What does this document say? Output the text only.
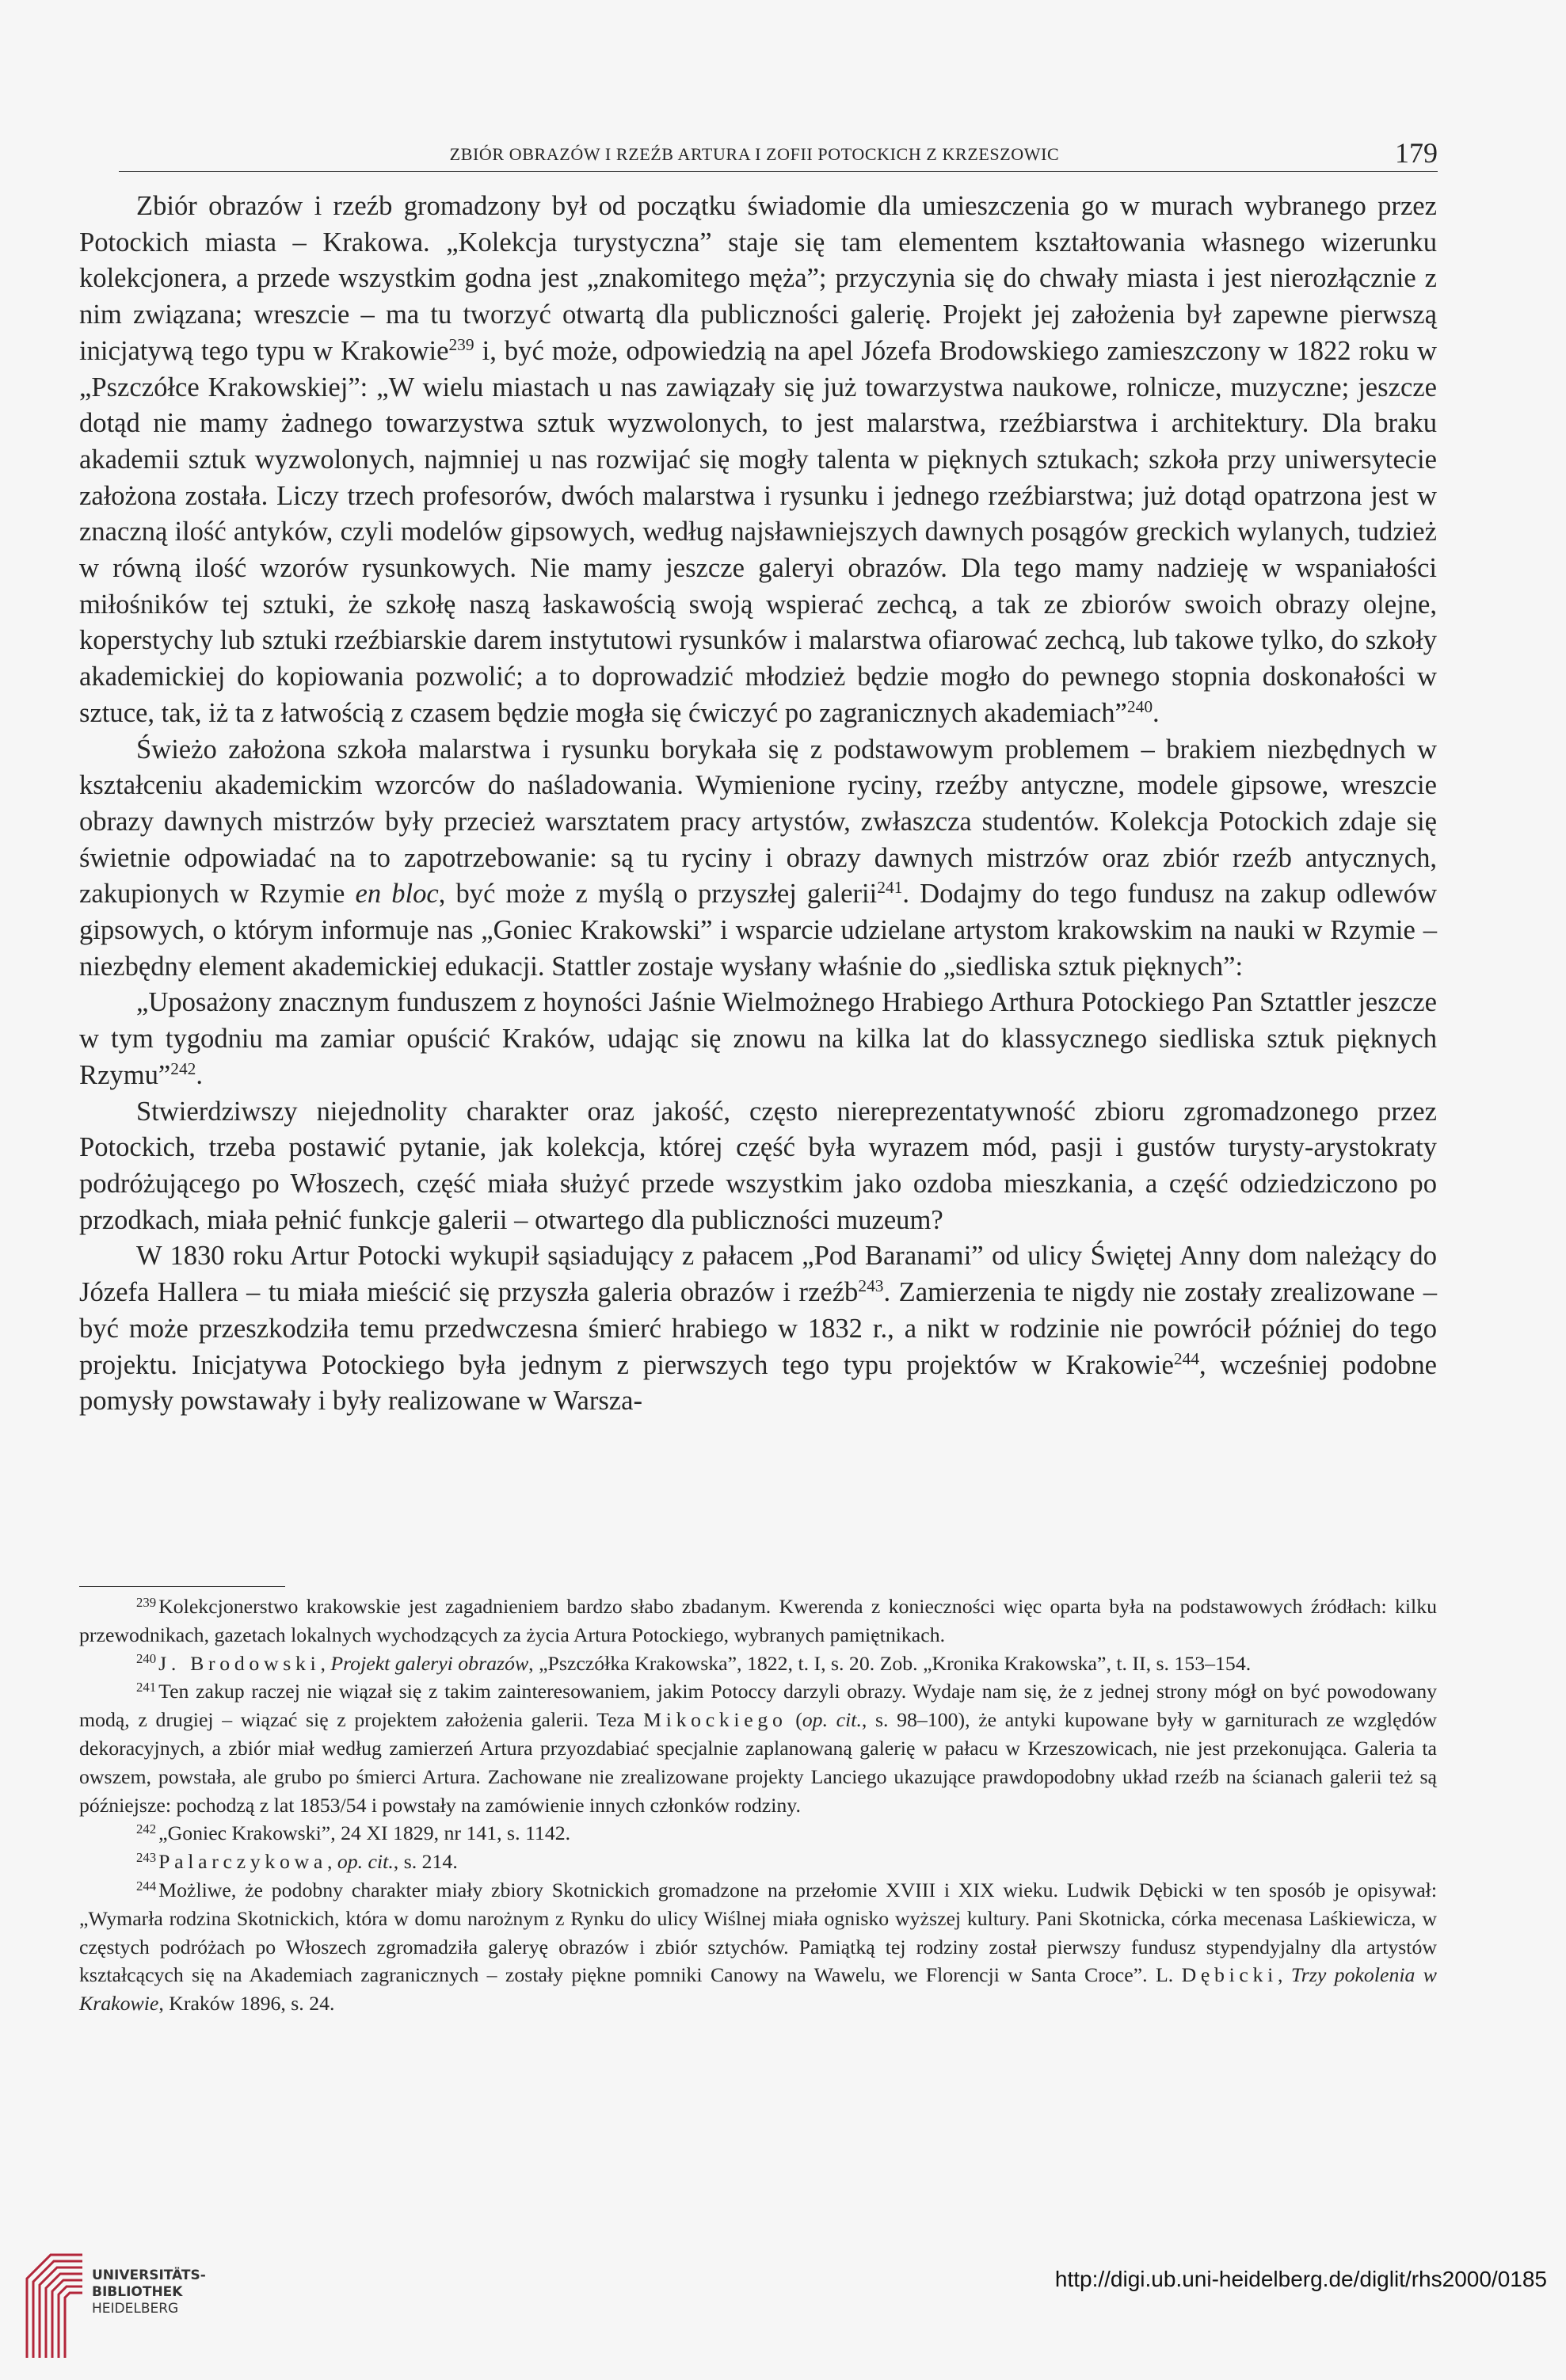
ZBIÓR OBRAZÓW I RZEŹB ARTURA I ZOFII POTOCKICH Z KRZESZOWIC	179

Zbiór obrazów i rzeźb gromadzony był od początku świadomie dla umieszczenia go w murach wybranego przez Potockich miasta – Krakowa. „Kolekcja turystyczna” staje się tam elementem kształtowania własnego wizerunku kolekcjonera, a przede wszystkim godna jest „znakomitego męża”; przyczynia się do chwały miasta i jest nierozłącznie z nim związana; wreszcie – ma tu tworzyć otwartą dla publiczności galerię. Projekt jej założenia był zapewne pierwszą inicjatywą tego typu w Krakowie$^{239}$ i, być może, odpowiedzią na apel Józefa Brodowskiego zamieszczony w 1822 roku w „Pszczółce Krakowskiej”: „W wielu miastach u nas zawiązały się już towarzystwa naukowe, rolnicze, muzyczne; jeszcze dotąd nie mamy żadnego towarzystwa sztuk wyzwolonych, to jest malarstwa, rzeźbiarstwa i architektury. Dla braku akademii sztuk wyzwolonych, najmniej u nas rozwijać się mogły talenta w pięknych sztukach; szkoła przy uniwersytecie założona została. Liczy trzech profesorów, dwóch malarstwa i rysunku i jednego rzeźbiarstwa; już dotąd opatrzona jest w znaczną ilość antyków, czyli modelów gipsowych, według najsławniejszych dawnych posągów greckich wylanych, tudzież w równą ilość wzorów rysunkowych. Nie mamy jeszcze galeryi obrazów. Dla tego mamy nadzieję w wspaniałości miłośników tej sztuki, że szkołę naszą łaskawością swoją wspierać zechcą, a tak ze zbiorów swoich obrazy olejne, koperstychy lub sztuki rzeźbiarskie darem instytutowi rysunków i malarstwa ofiarować zechcą, lub takowe tylko, do szkoły akademickiej do kopiowania pozwolić; a to doprowadzić młodzież będzie mogło do pewnego stopnia doskonałości w sztuce, tak, iż ta z łatwością z czasem będzie mogła się ćwiczyć po zagranicznych akademiach”$^{240}$.

Świeżo założona szkoła malarstwa i rysunku borykała się z podstawowym problemem – brakiem niezbędnych w kształceniu akademickim wzorców do naśladowania. Wymienione ryciny, rzeźby antyczne, modele gipsowe, wreszcie obrazy dawnych mistrzów były przecież warsztatem pracy artystów, zwłaszcza studentów. Kolekcja Potockich zdaje się świetnie odpowiadać na to zapotrzebowanie: są tu ryciny i obrazy dawnych mistrzów oraz zbiór rzeźb antycznych, zakupionych w Rzymie en bloc, być może z myślą o przyszłej galerii$^{241}$. Dodajmy do tego fundusz na zakup odlewów gipsowych, o którym informuje nas „Goniec Krakowski” i wsparcie udzielane artystom krakowskim na nauki w Rzymie – niezbędny element akademickiej edukacji. Stattler zostaje wysłany właśnie do „siedliska sztuk pięknych”:

„Uposażony znacznym funduszem z hoyności Jaśnie Wielmożnego Hrabiego Arthura Potockiego Pan Sztattler jeszcze w tym tygodniu ma zamiar opuścić Kraków, udając się znowu na kilka lat do klassycznego siedliska sztuk pięknych Rzymu”$^{242}$.

Stwierdziwszy niejednolity charakter oraz jakość, często niereprezentatywność zbioru zgromadzonego przez Potockich, trzeba postawić pytanie, jak kolekcja, której część była wyrazem mód, pasji i gustów turysty-arystokraty podróżującego po Włoszech, część miała służyć przede wszystkim jako ozdoba mieszkania, a część odziedziczono po przodkach, miała pełnić funkcje galerii – otwartego dla publiczności muzeum?

W 1830 roku Artur Potocki wykupił sąsiadujący z pałacem „Pod Baranami” od ulicy Świętej Anny dom należący do Józefa Hallera – tu miała mieścić się przyszła galeria obrazów i rzeźb$^{243}$. Zamierzenia te nigdy nie zostały zrealizowane – być może przeszkodziła temu przedwczesna śmierć hrabiego w 1832 r., a nikt w rodzinie nie powrócił później do tego projektu. Inicjatywa Potockiego była jednym z pierwszych tego typu projektów w Krakowie$^{244}$, wcześniej podobne pomysły powstawały i były realizowane w Warsza-

$^{239}$ Kolekcjonerstwo krakowskie jest zagadnieniem bardzo słabo zbadanym. Kwerenda z konieczności więc oparta była na podstawowych źródłach: kilku przewodnikach, gazetach lokalnych wychodzących za życia Artura Potockiego, wybranych pamiętnikach.

$^{240}$ J. Brodowski, Projekt galeryi obrazów, „Pszczółka Krakowska”, 1822, t. I, s. 20. Zob. „Kronika Krakowska”, t. II, s. 153–154.

$^{241}$ Ten zakup raczej nie wiązał się z takim zainteresowaniem, jakim Potoccy darzyli obrazy. Wydaje nam się, że z jednej strony mógł on być powodowany modą, z drugiej – wiązać się z projektem założenia galerii. Teza Mikockiego (op. cit., s. 98–100), że antyki kupowane były w garniturach ze względów dekoracyjnych, a zbiór miał według zamierzeń Artura przyozdabiać specjalnie zaplanowaną galerię w pałacu w Krzeszowicach, nie jest przekonująca. Galeria ta owszem, powstała, ale grubo po śmierci Artura. Zachowane nie zrealizowane projekty Lanciego ukazujące prawdopodobny układ rzeźb na ścianach galerii też są późniejsze: pochodzą z lat 1853/54 i powstały na zamówienie innych członków rodziny.

$^{242}$ „Goniec Krakowski”, 24 XI 1829, nr 141, s. 1142.

$^{243}$ Palarczykowa, op. cit., s. 214.

$^{244}$ Możliwe, że podobny charakter miały zbiory Skotnickich gromadzone na przełomie XVIII i XIX wieku. Ludwik Dębicki w ten sposób je opisywał: „Wymarła rodzina Skotnickich, która w domu narożnym z Rynku do ulicy Wiślnej miała ognisko wyższej kultury. Pani Skotnicka, córka mecenasa Laśkiewicza, w częstych podróżach po Włoszech zgromadziła galeryę obrazów i zbiór sztychów. Pamiątką tej rodziny został pierwszy fundusz stypendyjalny dla artystów kształcących się na Akademiach zagranicznych – zostały piękne pomniki Canowy na Wawelu, we Florencji w Santa Croce”. L. Dębicki, Trzy pokolenia w Krakowie, Kraków 1896, s. 24.

UNIVERSITÄTS-
BIBLIOTHEK
HEIDELBERG
http://digi.ub.uni-heidelberg.de/diglit/rhs2000/0185
